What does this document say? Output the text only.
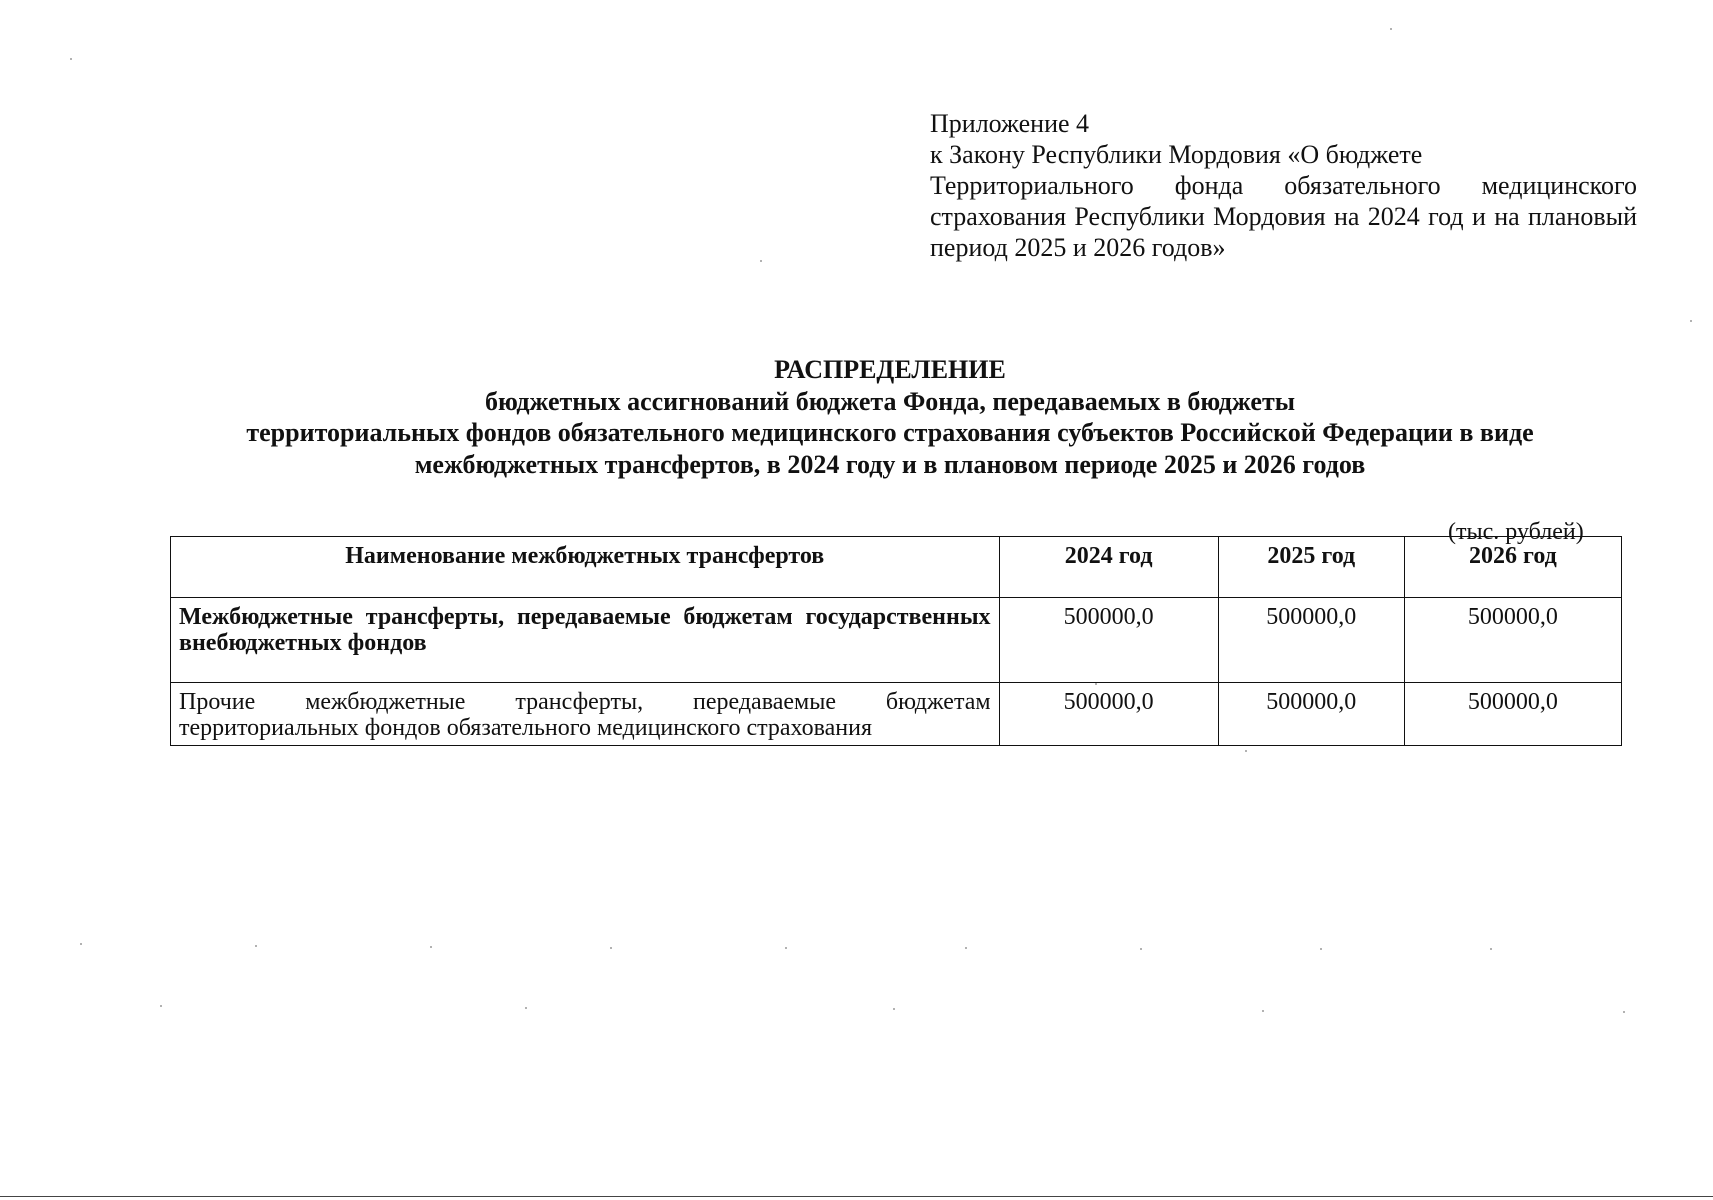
Приложение 4
к Закону Республики Мордовия «О бюджете
Территориального фонда обязательного медицинского страхования Республики Мордовия на 2024 год и на плановый период 2025 и 2026 годов»
РАСПРЕДЕЛЕНИЕ
бюджетных ассигнований бюджета Фонда, передаваемых в бюджеты
территориальных фондов обязательного медицинского страхования субъектов Российской Федерации в виде
межбюджетных трансфертов, в 2024 году и в плановом периоде 2025 и 2026 годов
(тыс. рублей)
Наименование межбюджетных трансфертов	2024 год	2025 год	2026 год
Межбюджетные трансферты, передаваемые бюджетам государственных внебюджетных фондов	500000,0	500000,0	500000,0
Прочие межбюджетные трансферты, передаваемые бюджетам территориальных фондов обязательного медицинского страхования	500000,0	500000,0	500000,0
